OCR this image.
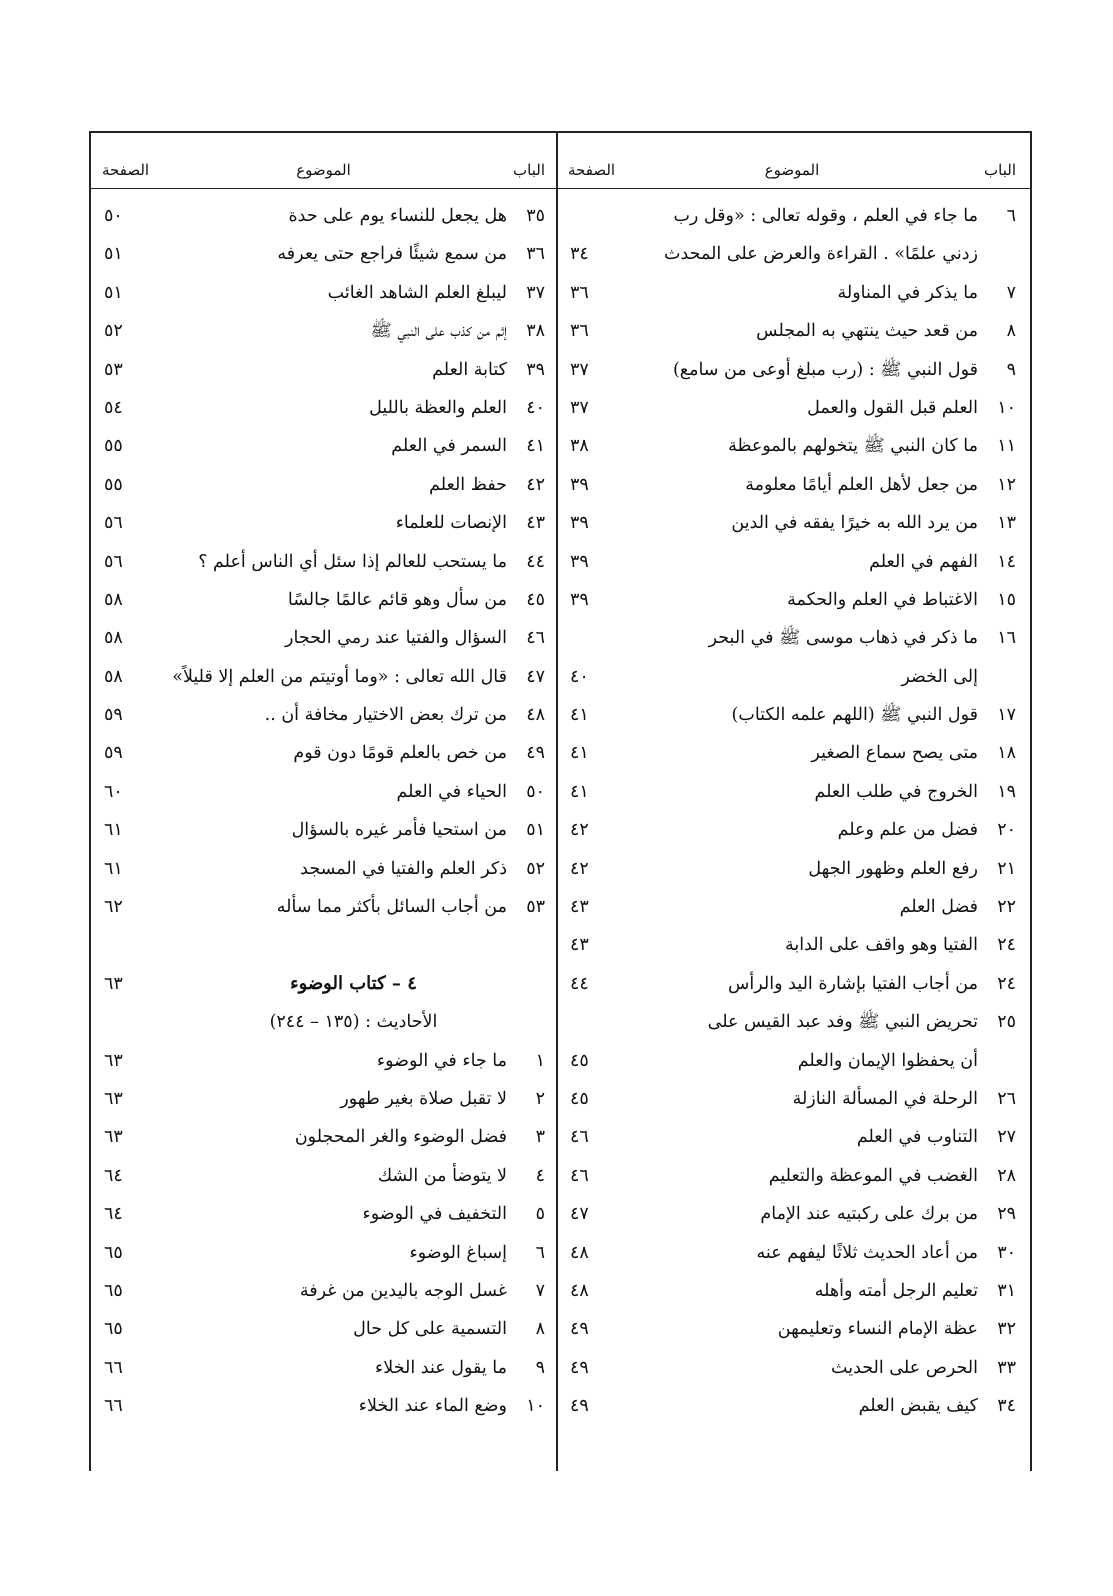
الباب
الموضوع
الصفحة
٦
ما جاء في العلم ، وقوله تعالى : «وقل رب
زدني علمًا» . القراءة والعرض على المحدث
٣٤
٧
ما يذكر في المناولة
٣٦
٨
من قعد حيث ينتهي به المجلس
٣٦
٩
قول النبي ﷺ : (رب مبلغ أوعى من سامع)
٣٧
١٠
العلم قبل القول والعمل
٣٧
١١
ما كان النبي ﷺ يتخولهم بالموعظة
٣٨
١٢
من جعل لأهل العلم أيامًا معلومة
٣٩
١٣
من يرد الله به خيرًا يفقه في الدين
٣٩
١٤
الفهم في العلم
٣٩
١٥
الاغتباط في العلم والحكمة
٣٩
١٦
ما ذكر في ذهاب موسى ﷺ في البحر
إلى الخضر
٤٠
١٧
قول النبي ﷺ (اللهم علمه الكتاب)
٤١
١٨
متى يصح سماع الصغير
٤١
١٩
الخروج في طلب العلم
٤١
٢٠
فضل من علم وعلم
٤٢
٢١
رفع العلم وظهور الجهل
٤٢
٢٢
فضل العلم
٤٣
٢٤
الفتيا وهو واقف على الدابة
٤٣
٢٤
من أجاب الفتيا بإشارة اليد والرأس
٤٤
٢٥
تحريض النبي ﷺ وفد عبد القيس على
أن يحفظوا الإيمان والعلم
٤٥
٢٦
الرحلة في المسألة النازلة
٤٥
٢٧
التناوب في العلم
٤٦
٢٨
الغضب في الموعظة والتعليم
٤٦
٢٩
من برك على ركبتيه عند الإمام
٤٧
٣٠
من أعاد الحديث ثلاثًا ليفهم عنه
٤٨
٣١
تعليم الرجل أمته وأهله
٤٨
٣٢
عظة الإمام النساء وتعليمهن
٤٩
٣٣
الحرص على الحديث
٤٩
٣٤
كيف يقبض العلم
٤٩
الباب
الموضوع
الصفحة
٣٥
هل يجعل للنساء يوم على حدة
٥٠
٣٦
من سمع شيئًا فراجع حتى يعرفه
٥١
٣٧
ليبلغ العلم الشاهد الغائب
٥١
٣٨
إثم من كذب على النبي ﷺ
٥٢
٣٩
كتابة العلم
٥٣
٤٠
العلم والعظة بالليل
٥٤
٤١
السمر في العلم
٥٥
٤٢
حفظ العلم
٥٥
٤٣
الإنصات للعلماء
٥٦
٤٤
ما يستحب للعالم إذا سئل أي الناس أعلم ؟
٥٦
٤٥
من سأل وهو قائم عالمًا جالسًا
٥٨
٤٦
السؤال والفتيا عند رمي الحجار
٥٨
٤٧
قال الله تعالى : «وما أوتيتم من العلم إلا قليلاً»
٥٨
٤٨
من ترك بعض الاختيار مخافة أن ..
٥٩
٤٩
من خص بالعلم قومًا دون قوم
٥٩
٥٠
الحياء في العلم
٦٠
٥١
من استحيا فأمر غيره بالسؤال
٦١
٥٢
ذكر العلم والفتيا في المسجد
٦١
٥٣
من أجاب السائل بأكثر مما سأله
٦٢
٤ – كتاب الوضوء
٦٣
الأحاديث : (١٣٥ – ٢٤٤)
١
ما جاء في الوضوء
٦٣
٢
لا تقبل صلاة بغير طهور
٦٣
٣
فضل الوضوء والغر المحجلون
٦٣
٤
لا يتوضأ من الشك
٦٤
٥
التخفيف في الوضوء
٦٤
٦
إسباغ الوضوء
٦٥
٧
غسل الوجه باليدين من غرفة
٦٥
٨
التسمية على كل حال
٦٥
٩
ما يقول عند الخلاء
٦٦
١٠
وضع الماء عند الخلاء
٦٦
